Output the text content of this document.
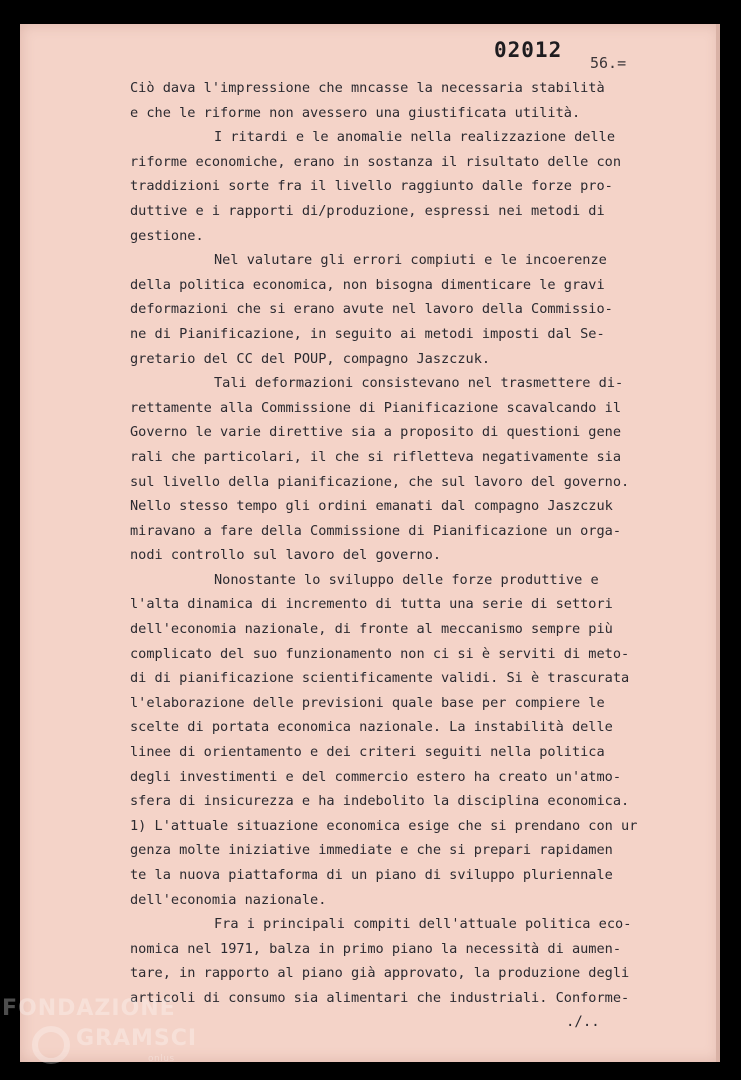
02012
56.=
Ciò dava l'impressione che mncasse la necessaria stabilità
e che le riforme non avessero una giustificata utilità.
I ritardi e le anomalie nella realizzazione delle
riforme economiche, erano in sostanza il risultato delle con
traddizioni sorte fra il livello raggiunto dalle forze pro-
duttive e i rapporti di/produzione, espressi nei metodi di
gestione.
Nel valutare gli errori compiuti e le incoerenze
della politica economica, non bisogna dimenticare le gravi
deformazioni che si erano avute nel lavoro della Commissio-
ne di Pianificazione, in seguito ai metodi imposti dal Se-
gretario del CC del POUP, compagno Jaszczuk.
Tali deformazioni consistevano nel trasmettere di-
rettamente alla Commissione di Pianificazione scavalcando il
Governo le varie direttive sia a proposito di questioni gene
rali che particolari, il che si rifletteva negativamente sia
sul livello della pianificazione, che sul lavoro del governo.
Nello stesso tempo gli ordini emanati dal compagno Jaszczuk
miravano a fare della Commissione di Pianificazione un orga-
nodi controllo sul lavoro del governo.
Nonostante lo sviluppo delle forze produttive e
l'alta dinamica di incremento di tutta una serie di settori
dell'economia nazionale, di fronte al meccanismo sempre più
complicato del suo funzionamento non ci si è serviti di meto-
di di pianificazione scientificamente validi. Si è trascurata
l'elaborazione delle previsioni quale base per compiere le
scelte di portata economica nazionale. La instabilità delle
linee di orientamento e dei criteri seguiti nella politica
degli investimenti e del commercio estero ha creato un'atmo-
sfera di insicurezza e ha indebolito la disciplina economica.
1) L'attuale situazione economica esige che si prendano con ur
genza molte iniziative immediate e che si prepari rapidamen
te la nuova piattaforma di un piano di sviluppo pluriennale
dell'economia nazionale.
Fra i principali compiti dell'attuale politica eco-
nomica nel 1971, balza in primo piano la necessità di aumen-
tare, in rapporto al piano già approvato, la produzione degli
articoli di consumo sia alimentari che industriali. Conforme-
./..
FONDAZIONE
GRAMSCI
onlus
